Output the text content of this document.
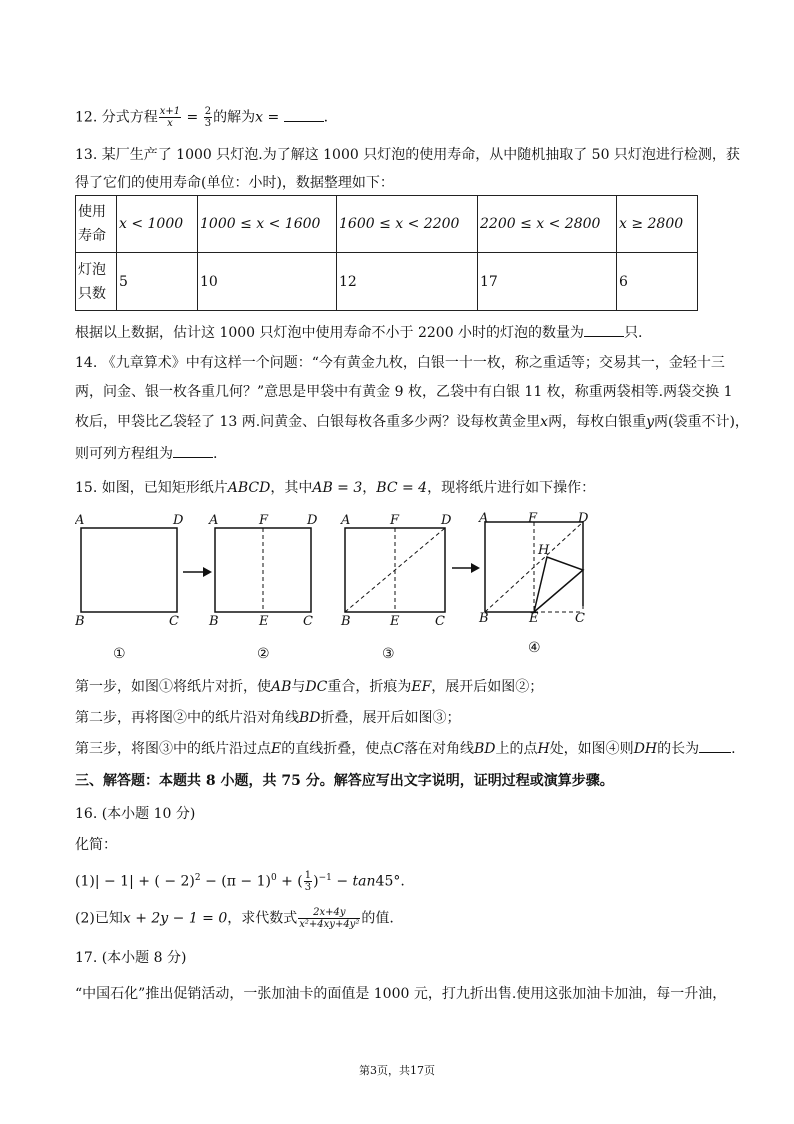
12. 分式方程 $\frac{x+1}{x} = \frac{2}{3}$ 的解为x =	.
13. 某厂生产了 1000 只灯泡.为了解这 1000 只灯泡的使用寿命，从中随机抽取了 50 只灯泡进行检测，获
得了它们的使用寿命(单位：小时)，数据整理如下：
使用
寿命	x < 1000	1000 ≤ x < 1600	1600 ≤ x < 2200	2200 ≤ x < 2800	x ≥ 2800
灯泡
只数	5	10	12	17	6
根据以上数据，估计这 1000 只灯泡中使用寿命不小于 2200 小时的灯泡的数量为	只.
14. 《九章算术》中有这样一个问题：“今有黄金九枚，白银一十一枚，称之重适等；交易其一，金轻十三
两，问金、银一枚各重几何？”意思是甲袋中有黄金 9 枚，乙袋中有白银 11 枚，称重两袋相等.两袋交换 1
枚后，甲袋比乙袋轻了 13 两.问黄金、白银每枚各重多少两？设每枚黄金里x两，每枚白银重y两(袋重不计)，
则可列方程组为	.
15. 如图，已知矩形纸片ABCD，其中AB = 3，BC = 4，现将纸片进行如下操作：
A	D
B	C
①
A	F	D
B	E	C
②
A	F	D
B	E	C
③
A	F	D
H
B	E	C
④
第一步，如图①将纸片对折，使AB与DC重合，折痕为EF，展开后如图②；
第二步，再将图②中的纸片沿对角线BD折叠，展开后如图③；
第三步，将图③中的纸片沿过点E的直线折叠，使点C落在对角线BD上的点H处，如图④则DH的长为 .
三、解答题：本题共 8 小题，共 75 分。解答应写出文字说明，证明过程或演算步骤。
16. (本小题 10 分)
化简：
(1)| − 1| + ( − $2)^2 - (\pi - 1)^0$ + ( $\frac{1}{3} )^{-1} - \tan 45^\circ$.
(2)已知x + 2y − 1 = 0，求代数式 $\frac{2x+4y}{\text{x²+4xy+4y²}}$ 的值.
17. (本小题 8 分)
“中国石化”推出促销活动，一张加油卡的面值是 1000 元，打九折出售.使用这张加油卡加油，每一升油，
第3页，共17页
